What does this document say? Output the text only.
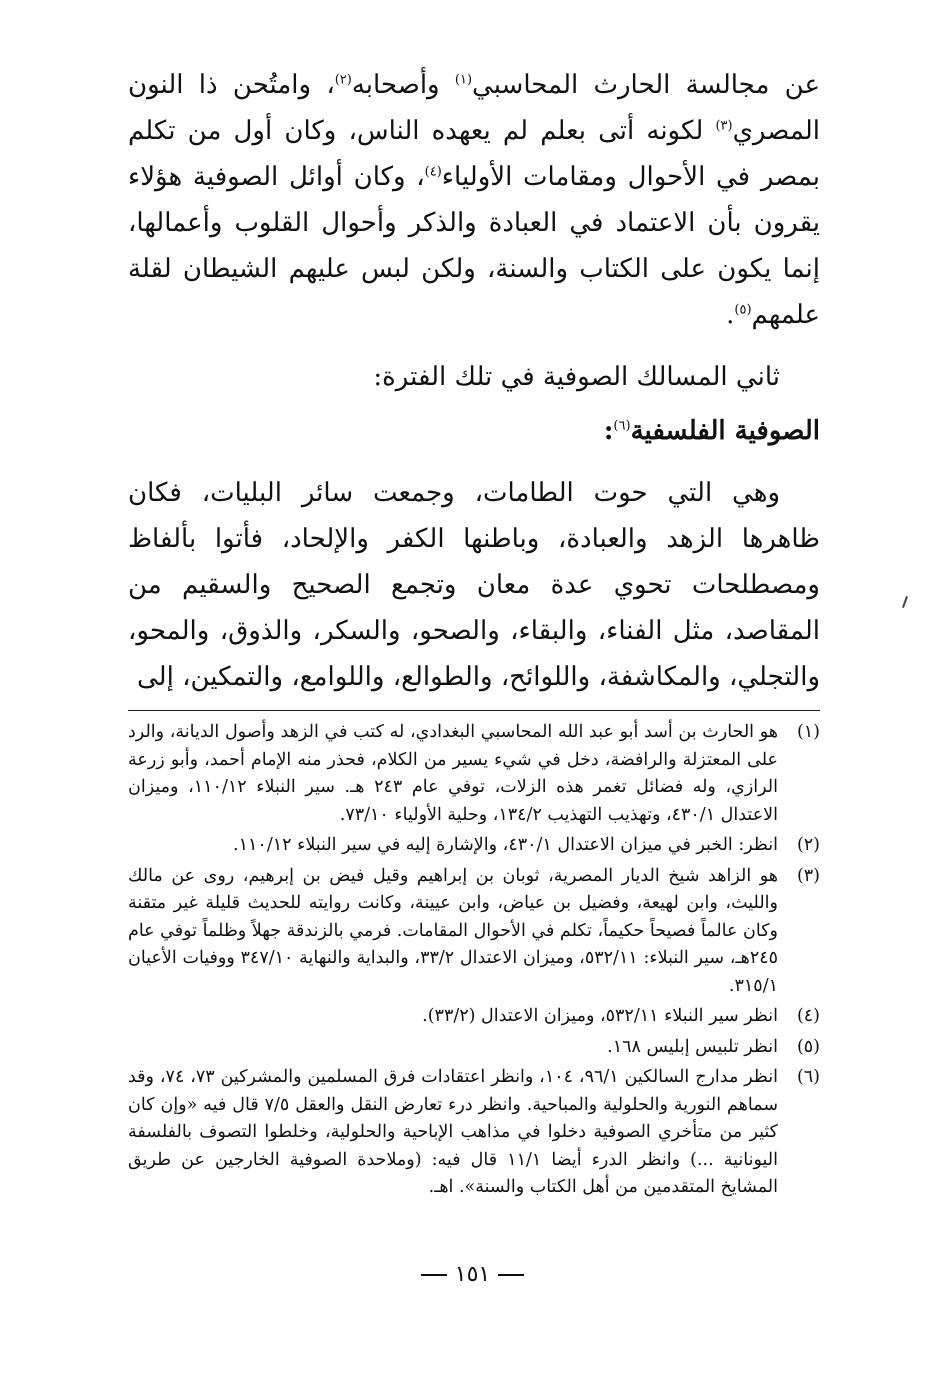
عن مجالسة الحارث المحاسبي$^{(١)}$ وأصحابه$^{(٢)}$، وامتُحن ذا النون المصري$^{(٣)}$ لكونه أتى بعلم لم يعهده الناس، وكان أول من تكلم بمصر في الأحوال ومقامات الأولياء$^{(٤)}$، وكان أوائل الصوفية هؤلاء يقرون بأن الاعتماد في العبادة والذكر وأحوال القلوب وأعمالها، إنما يكون على الكتاب والسنة، ولكن لبس عليهم الشيطان لقلة علمهم$^{(٥)}$.

ثاني المسالك الصوفية في تلك الفترة:

الصوفية الفلسفية$^{(٦)}$:

وهي التي حوت الطامات، وجمعت سائر البليات، فكان ظاهرها الزهد والعبادة، وباطنها الكفر والإلحاد، فأتوا بألفاظ ومصطلحات تحوي عدة معان وتجمع الصحيح والسقيم من المقاصد، مثل الفناء، والبقاء، والصحو، والسكر، والذوق، والمحو، والتجلي، والمكاشفة، واللوائح، والطوالع، واللوامع، والتمكين، إلى

(١)
هو الحارث بن أسد أبو عبد الله المحاسبي البغدادي، له كتب في الزهد وأصول الديانة، والرد على المعتزلة والرافضة، دخل في شيء يسير من الكلام، فحذر منه الإمام أحمد، وأبو زرعة الرازي، وله فضائل تغمر هذه الزلات، توفي عام ٢٤٣ هـ. سير النبلاء ١١٠/١٢، وميزان الاعتدال ٤٣٠/١، وتهذيب التهذيب ١٣٤/٢، وحلية الأولياء ٧٣/١٠.
(٢)
انظر: الخبر في ميزان الاعتدال ٤٣٠/١، والإشارة إليه في سير النبلاء ١١٠/١٢.
(٣)
هو الزاهد شيخ الديار المصرية، ثوبان بن إبراهيم وقيل فيض بن إبرهيم، روى عن مالك والليث، وابن لهيعة، وفضيل بن عياض، وابن عيينة، وكانت روايته للحديث قليلة غير متقنة وكان عالماً فصيحاً حكيماً، تكلم في الأحوال المقامات. فرمي بالزندقة جهلاً وظلماً توفي عام ٢٤٥هـ، سير النبلاء: ٥٣٢/١١، وميزان الاعتدال ٣٣/٢، والبداية والنهاية ٣٤٧/١٠ ووفيات الأعيان ٣١٥/١.
(٤)
انظر سير النبلاء ٥٣٢/١١، وميزان الاعتدال (٣٣/٢).
(٥)
انظر تلبيس إبليس ١٦٨.
(٦)
انظر مدارج السالكين ٩٦/١، ١٠٤، وانظر اعتقادات فرق المسلمين والمشركين ٧٣، ٧٤، وقد سماهم النورية والحلولية والمباحية. وانظر درء تعارض النقل والعقل ٧/٥ قال فيه «وإن كان كثير من متأخري الصوفية دخلوا في مذاهب الإباحية والحلولية، وخلطوا التصوف بالفلسفة اليونانية ...) وانظر الدرء أيضا ١١/١ قال فيه: (وملاحدة الصوفية الخارجين عن طريق المشايخ المتقدمين من أهل الكتاب والسنة». اهـ.
١٥١
